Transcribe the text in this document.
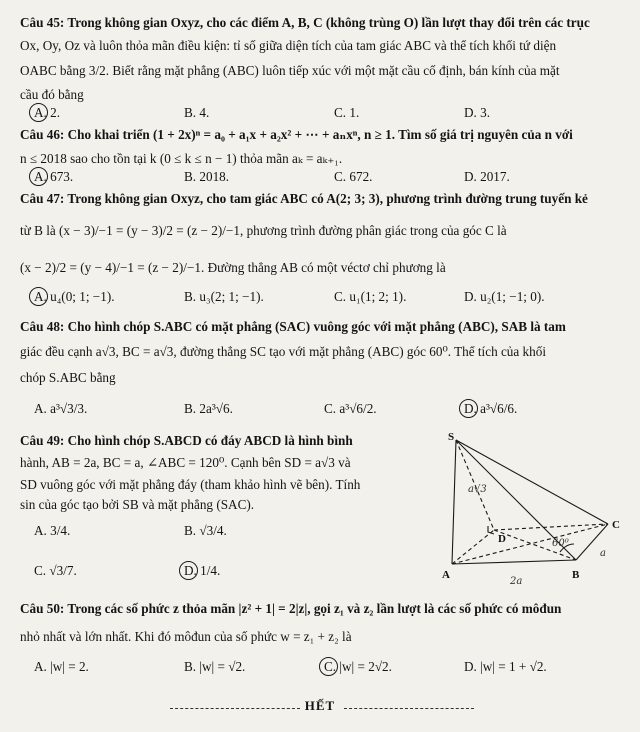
Câu 45: Trong không gian Oxyz, cho các điểm A, B, C (không trùng O) lần lượt thay đổi trên các trục
Ox, Oy, Oz và luôn thỏa mãn điều kiện: tỉ số giữa diện tích của tam giác ABC và thể tích khối tứ diện
OABC bằng 3/2. Biết rằng mặt phẳng (ABC) luôn tiếp xúc với một mặt cầu cố định, bán kính của mặt
cầu đó bằng
A. 2.	B. 4.	C. 1.	D. 3.
Câu 46: Cho khai triển (1 + 2x)ⁿ = a₀ + a₁x + a₂x² + ⋯ + aₙxⁿ, n ≥ 1. Tìm số giá trị nguyên của n với
n ≤ 2018 sao cho tồn tại k (0 ≤ k ≤ n − 1) thỏa mãn aₖ = aₖ₊₁.
A. 673.	B. 2018.	C. 672.	D. 2017.
Câu 47: Trong không gian Oxyz, cho tam giác ABC có A(2; 3; 3), phương trình đường trung tuyến kẻ
từ B là (x − 3)/−1 = (y − 3)/2 = (z − 2)/−1, phương trình đường phân giác trong của góc C là
(x − 2)/2 = (y − 4)/−1 = (z − 2)/−1. Đường thẳng AB có một véctơ chỉ phương là
A. u₄(0; 1; −1).	B. u₃(2; 1; −1).	C. u₁(1; 2; 1).	D. u₂(1; −1; 0).
Câu 48: Cho hình chóp S.ABC có mặt phẳng (SAC) vuông góc với mặt phẳng (ABC), SAB là tam
giác đều cạnh a√3, BC = a√3, đường thẳng SC tạo với mặt phẳng (ABC) góc 60⁰. Thể tích của khối
chóp S.ABC bằng
A. a³√3/3.	B. 2a³√6.	C. a³√6/2.	D. a³√6/6.
Câu 49: Cho hình chóp S.ABCD có đáy ABCD là hình bình
hành, AB = 2a, BC = a, ∠ABC = 120⁰. Cạnh bên SD = a√3 và
SD vuông góc với mặt phẳng đáy (tham khảo hình vẽ bên). Tính
sin của góc tạo bởi SB và mặt phẳng (SAC).
A. 3/4.	B. √3/4.
C. √3/7.	D. 1/4.
S
A	B
C
D
a√3
2a
a
60⁰
Câu 50: Trong các số phức z thỏa mãn |z² + 1| = 2|z|, gọi z₁ và z₂ lần lượt là các số phức có môđun
nhỏ nhất và lớn nhất. Khi đó môđun của số phức w = z₁ + z₂ là
A. |w| = 2.	B. |w| = √2.	C. |w| = 2√2.	D. |w| = 1 + √2.
HẾT
